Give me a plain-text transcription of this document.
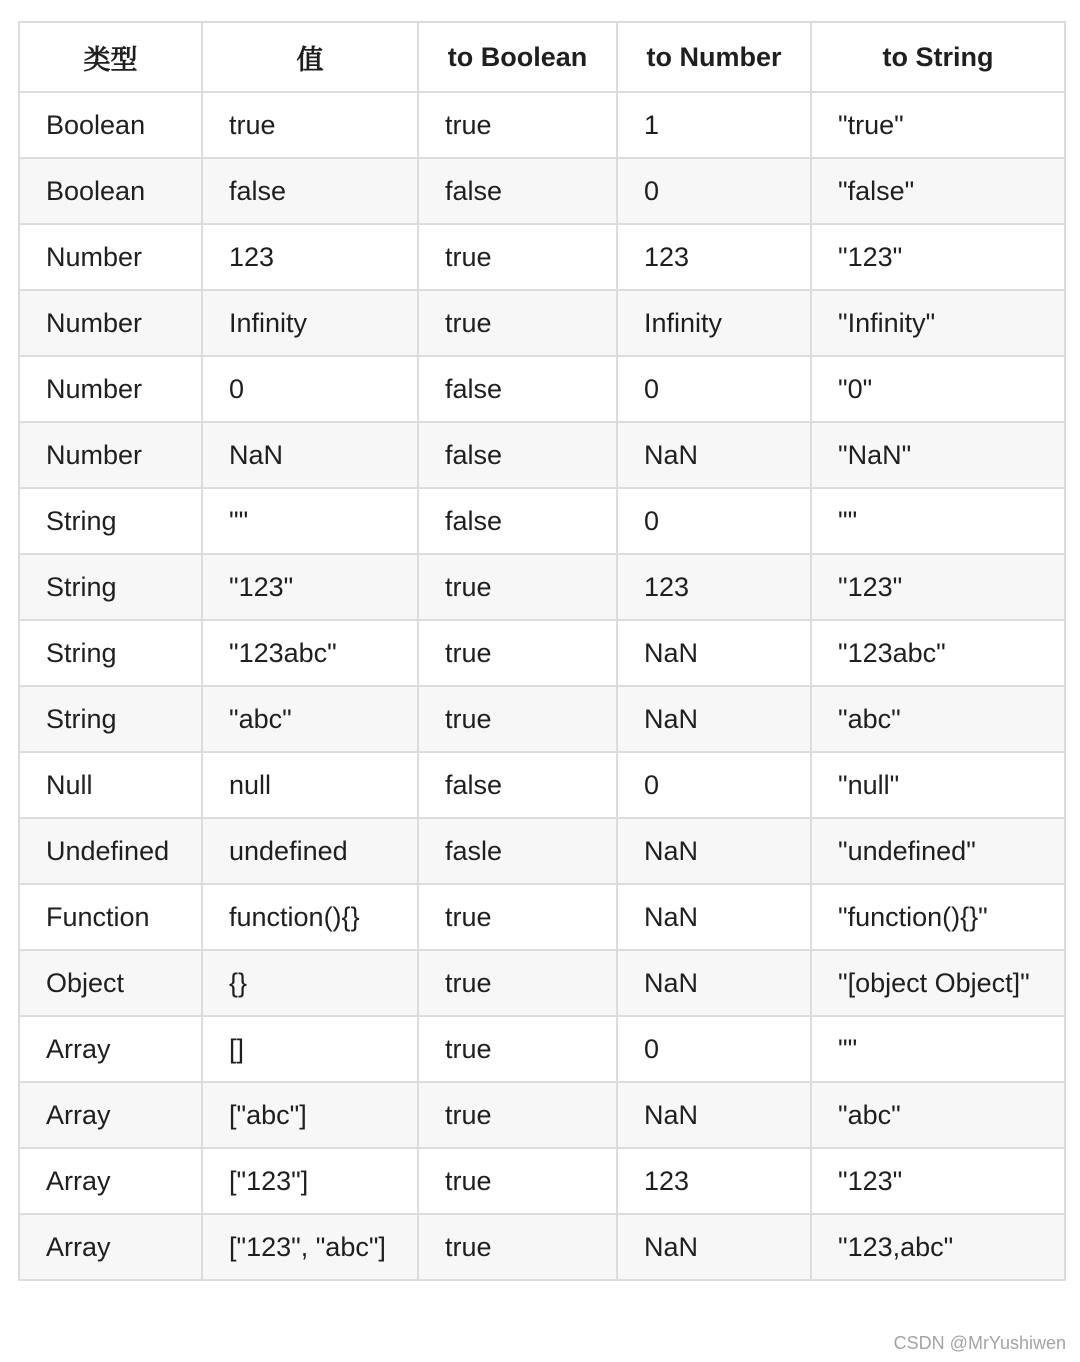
类型	值	to Boolean	to Number	to String
Boolean	true	true	1	"true"
Boolean	false	false	0	"false"
Number	123	true	123	"123"
Number	Infinity	true	Infinity	"Infinity"
Number	0	false	0	"0"
Number	NaN	false	NaN	"NaN"
String	""	false	0	""
String	"123"	true	123	"123"
String	"123abc"	true	NaN	"123abc"
String	"abc"	true	NaN	"abc"
Null	null	false	0	"null"
Undefined	undefined	fasle	NaN	"undefined"
Function	function(){}	true	NaN	"function(){}"
Object	{}	true	NaN	"[object Object]"
Array	[]	true	0	""
Array	["abc"]	true	NaN	"abc"
Array	["123"]	true	123	"123"
Array	["123", "abc"]	true	NaN	"123,abc"
CSDN @MrYushiwen
